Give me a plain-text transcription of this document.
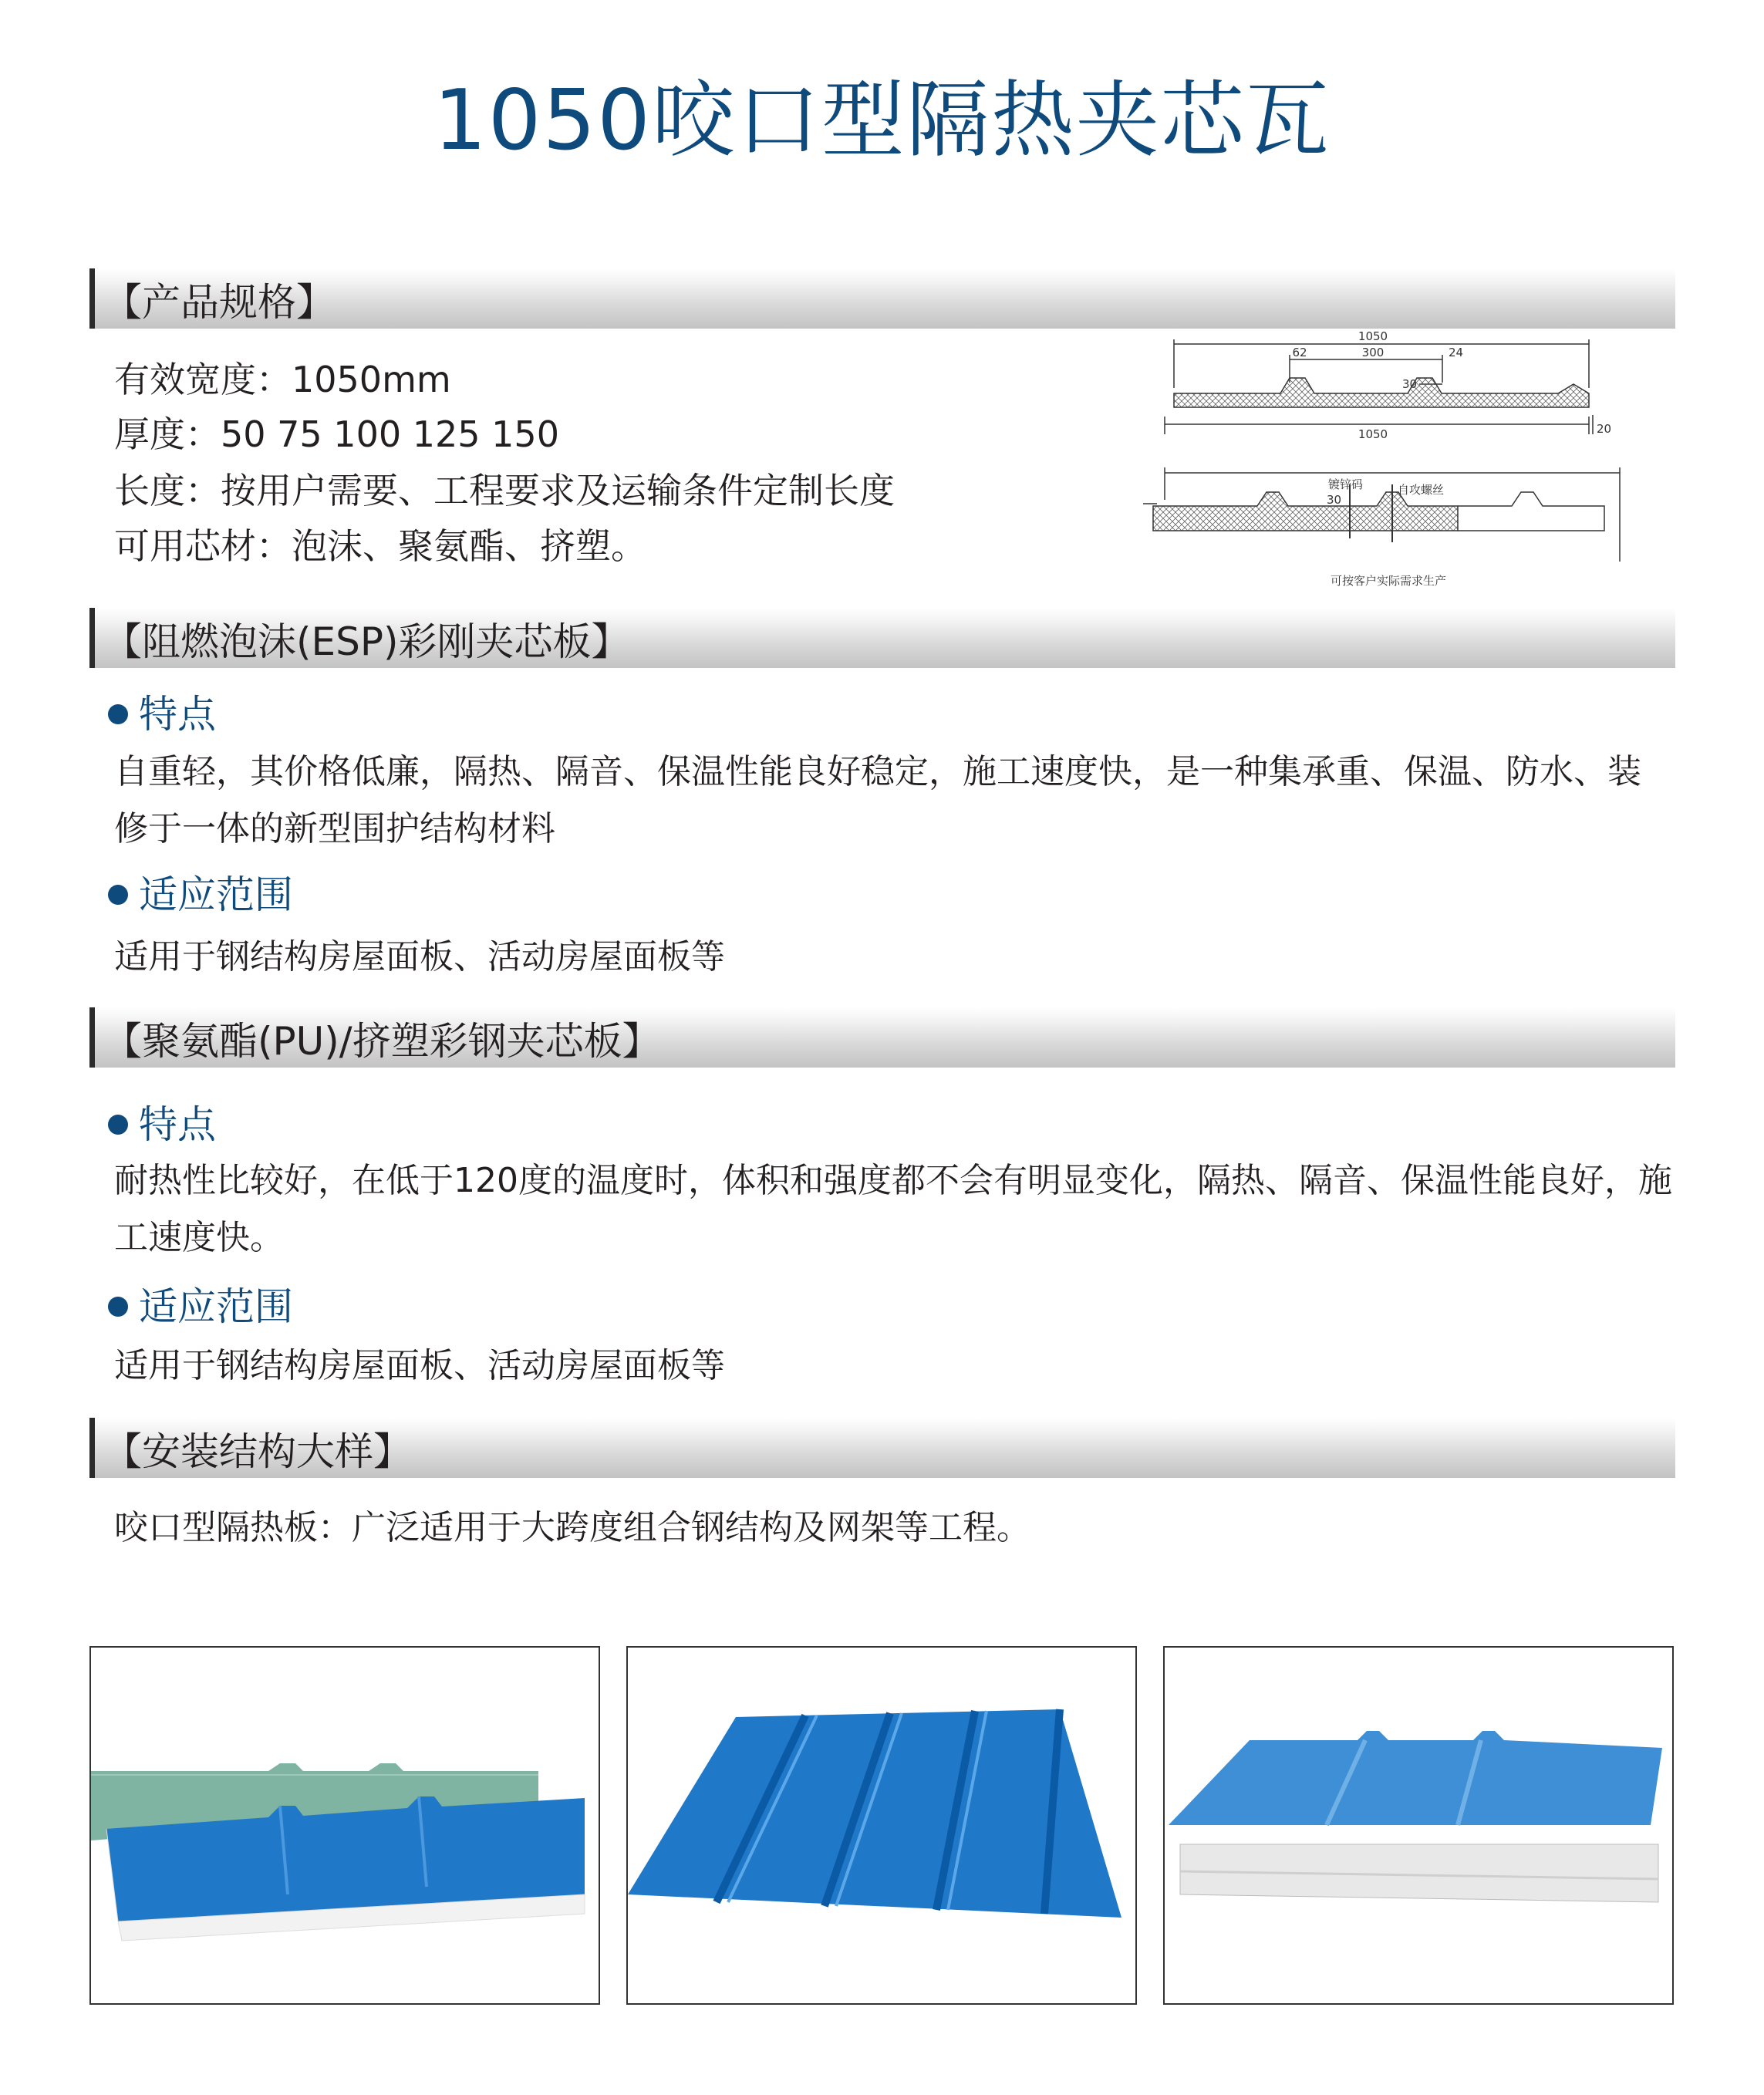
1050咬口型隔热夹芯瓦
【产品规格】
有效宽度：1050mm
厚度：50 75 100 125 150
长度：按用户需要、工程要求及运输条件定制长度
可用芯材：泡沫、聚氨酯、挤塑。
1050
62	300	24
30
1050	20
镀锌码	自攻螺丝
30
可按客户实际需求生产
【阻燃泡沫(ESP)彩刚夹芯板】
特点
自重轻，其价格低廉，隔热、隔音、保温性能良好稳定，施工速度快，是一种集承重、保温、防水、装修于一体的新型围护结构材料
适应范围
适用于钢结构房屋面板、活动房屋面板等
【聚氨酯(PU)/挤塑彩钢夹芯板】
特点
耐热性比较好，在低于120度的温度时，体积和强度都不会有明显变化，隔热、隔音、保温性能良好，施工速度快。
适应范围
适用于钢结构房屋面板、活动房屋面板等
【安装结构大样】
咬口型隔热板：广泛适用于大跨度组合钢结构及网架等工程。
